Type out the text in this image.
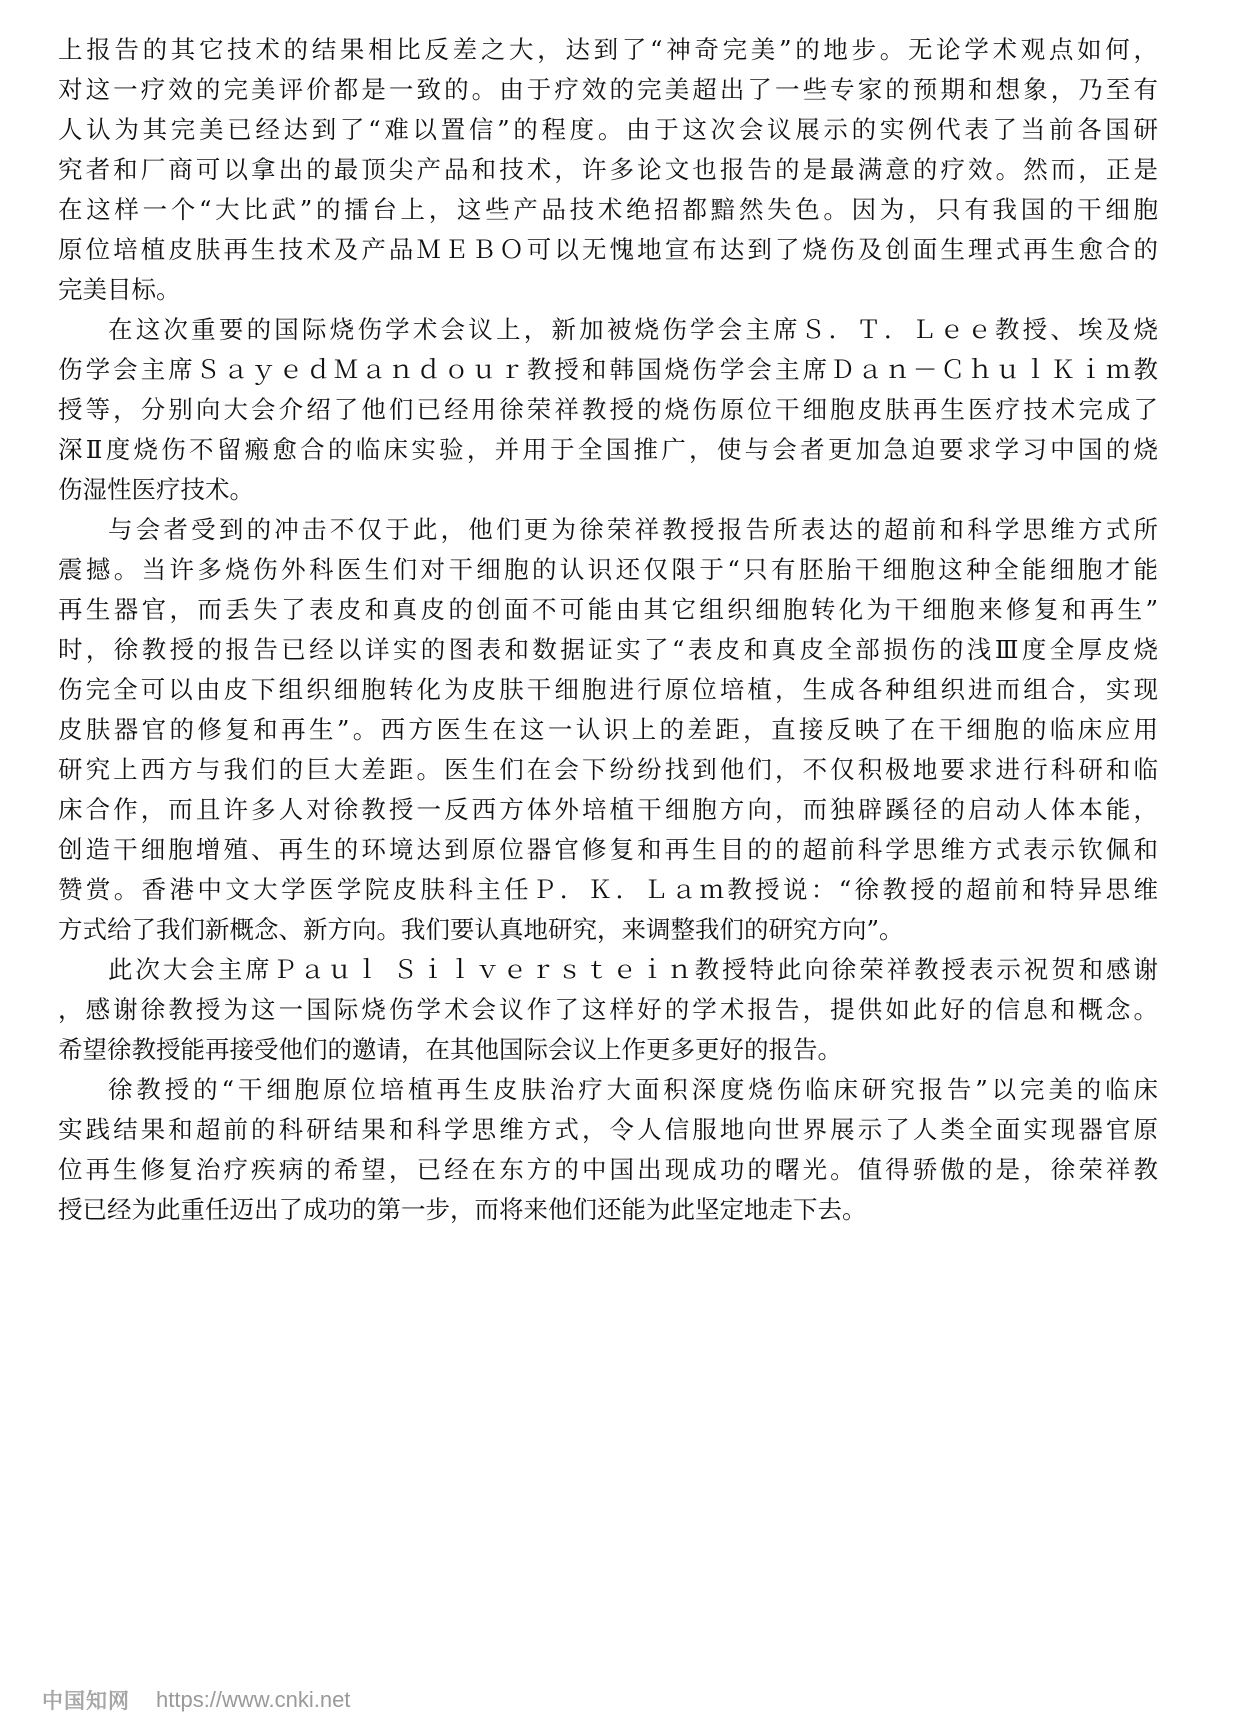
上报告的其它技术的结果相比反差之大，达到了“神奇完美”的地步。无论学术观点如何，
对这一疗效的完美评价都是一致的。由于疗效的完美超出了一些专家的预期和想象，乃至有
人认为其完美已经达到了“难以置信”的程度。由于这次会议展示的实例代表了当前各国研
究者和厂商可以拿出的最顶尖产品和技术，许多论文也报告的是最满意的疗效。然而，正是
在这样一个“大比武”的擂台上，这些产品技术绝招都黯然失色。因为，只有我国的干细胞
原位培植皮肤再生技术及产品ＭＥＢＯ可以无愧地宣布达到了烧伤及创面生理式再生愈合的
完美目标。
在这次重要的国际烧伤学术会议上，新加被烧伤学会主席Ｓ．Ｔ．Ｌｅｅ教授、埃及烧
伤学会主席ＳａｙｅｄＭａｎｄｏｕｒ教授和韩国烧伤学会主席Ｄａｎ－ＣｈｕｌＫｉｍ教
授等，分别向大会介绍了他们已经用徐荣祥教授的烧伤原位干细胞皮肤再生医疗技术完成了
深Ⅱ度烧伤不留瘢愈合的临床实验，并用于全国推广，使与会者更加急迫要求学习中国的烧
伤湿性医疗技术。
与会者受到的冲击不仅于此，他们更为徐荣祥教授报告所表达的超前和科学思维方式所
震撼。当许多烧伤外科医生们对干细胞的认识还仅限于“只有胚胎干细胞这种全能细胞才能
再生器官，而丢失了表皮和真皮的创面不可能由其它组织细胞转化为干细胞来修复和再生”
时，徐教授的报告已经以详实的图表和数据证实了“表皮和真皮全部损伤的浅Ⅲ度全厚皮烧
伤完全可以由皮下组织细胞转化为皮肤干细胞进行原位培植，生成各种组织进而组合，实现
皮肤器官的修复和再生”。西方医生在这一认识上的差距，直接反映了在干细胞的临床应用
研究上西方与我们的巨大差距。医生们在会下纷纷找到他们，不仅积极地要求进行科研和临
床合作，而且许多人对徐教授一反西方体外培植干细胞方向，而独辟蹊径的启动人体本能，
创造干细胞增殖、再生的环境达到原位器官修复和再生目的的超前科学思维方式表示钦佩和
赞赏。香港中文大学医学院皮肤科主任Ｐ．Ｋ．Ｌａｍ教授说：“徐教授的超前和特异思维
方式给了我们新概念、新方向。我们要认真地研究，来调整我们的研究方向”。
此次大会主席Ｐａｕｌ Ｓｉｌｖｅｒｓｔｅｉｎ教授特此向徐荣祥教授表示祝贺和感谢
，感谢徐教授为这一国际烧伤学术会议作了这样好的学术报告，提供如此好的信息和概念。
希望徐教授能再接受他们的邀请，在其他国际会议上作更多更好的报告。
徐教授的“干细胞原位培植再生皮肤治疗大面积深度烧伤临床研究报告”以完美的临床
实践结果和超前的科研结果和科学思维方式，令人信服地向世界展示了人类全面实现器官原
位再生修复治疗疾病的希望，已经在东方的中国出现成功的曙光。值得骄傲的是，徐荣祥教
授已经为此重任迈出了成功的第一步，而将来他们还能为此坚定地走下去。
中国知网 https://www.cnki.net
